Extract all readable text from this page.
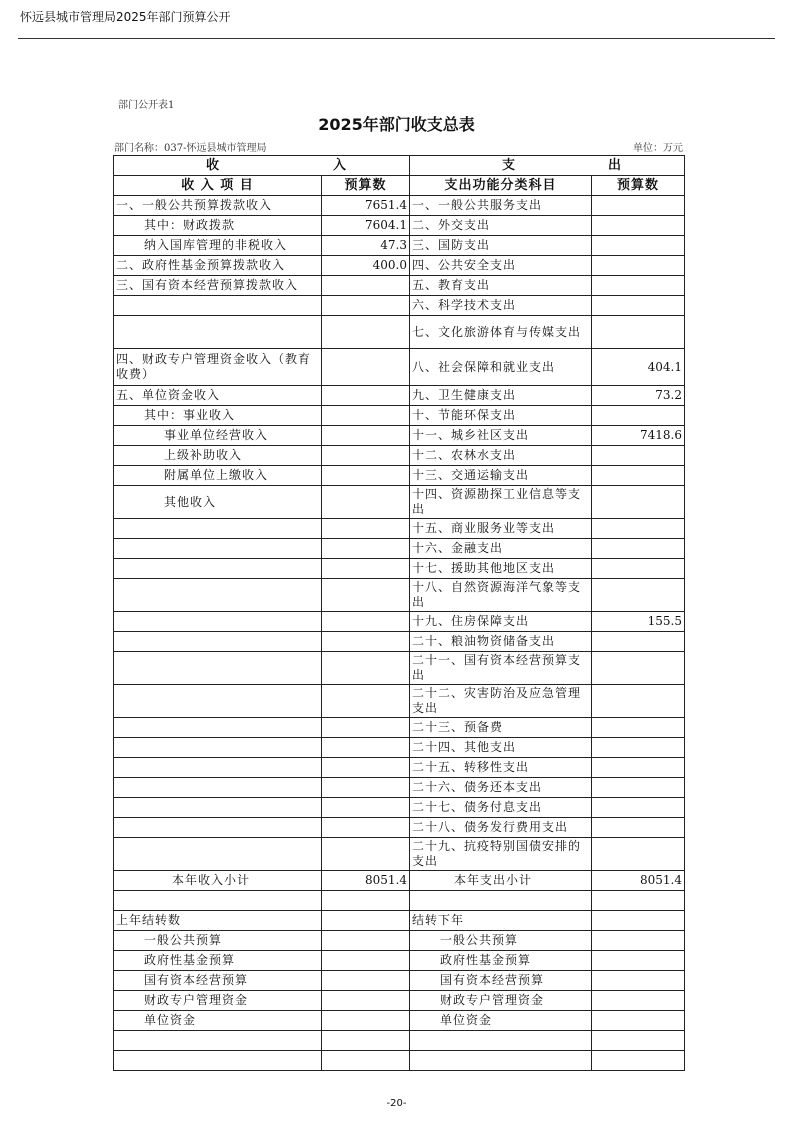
怀远县城市管理局2025年部门预算公开
部门公开表1
2025年部门收支总表
部门名称：037-怀远县城市管理局	单位：万元
收 入		支 出	

收 入 项 目	预算数	支出功能分类科目	预算数
一、一般公共预算拨款收入	7651.4	一、一般公共服务支出	
其中：财政拨款	7604.1	二、外交支出	
纳入国库管理的非税收入	47.3	三、国防支出	
二、政府性基金预算拨款收入	400.0	四、公共安全支出	
三、国有资本经营预算拨款收入		五、教育支出	
		六、科学技术支出	
		七、文化旅游体育与传媒支出	
四、财政专户管理资金收入（教育收费）		八、社会保障和就业支出	404.1
五、单位资金收入		九、卫生健康支出	73.2
其中：事业收入		十、节能环保支出	
事业单位经营收入		十一、城乡社区支出	7418.6
上级补助收入		十二、农林水支出	
附属单位上缴收入		十三、交通运输支出	
其他收入		十四、资源勘探工业信息等支出	
		十五、商业服务业等支出	
		十六、金融支出	
		十七、援助其他地区支出	
		十八、自然资源海洋气象等支出	
		十九、住房保障支出	155.5
		二十、粮油物资储备支出	
		二十一、国有资本经营预算支出	
		二十二、灾害防治及应急管理支出	
		二十三、预备费	
		二十四、其他支出	
		二十五、转移性支出	
		二十六、债务还本支出	
		二十七、债务付息支出	
		二十八、债务发行费用支出	
		二十九、抗疫特别国债安排的支出	
本年收入小计	8051.4	本年支出小计	8051.4

上年结转数		结转下年	
一般公共预算		一般公共预算	
政府性基金预算		政府性基金预算	
国有资本经营预算		国有资本经营预算	
财政专户管理资金		财政专户管理资金	
单位资金		单位资金	

-20-
